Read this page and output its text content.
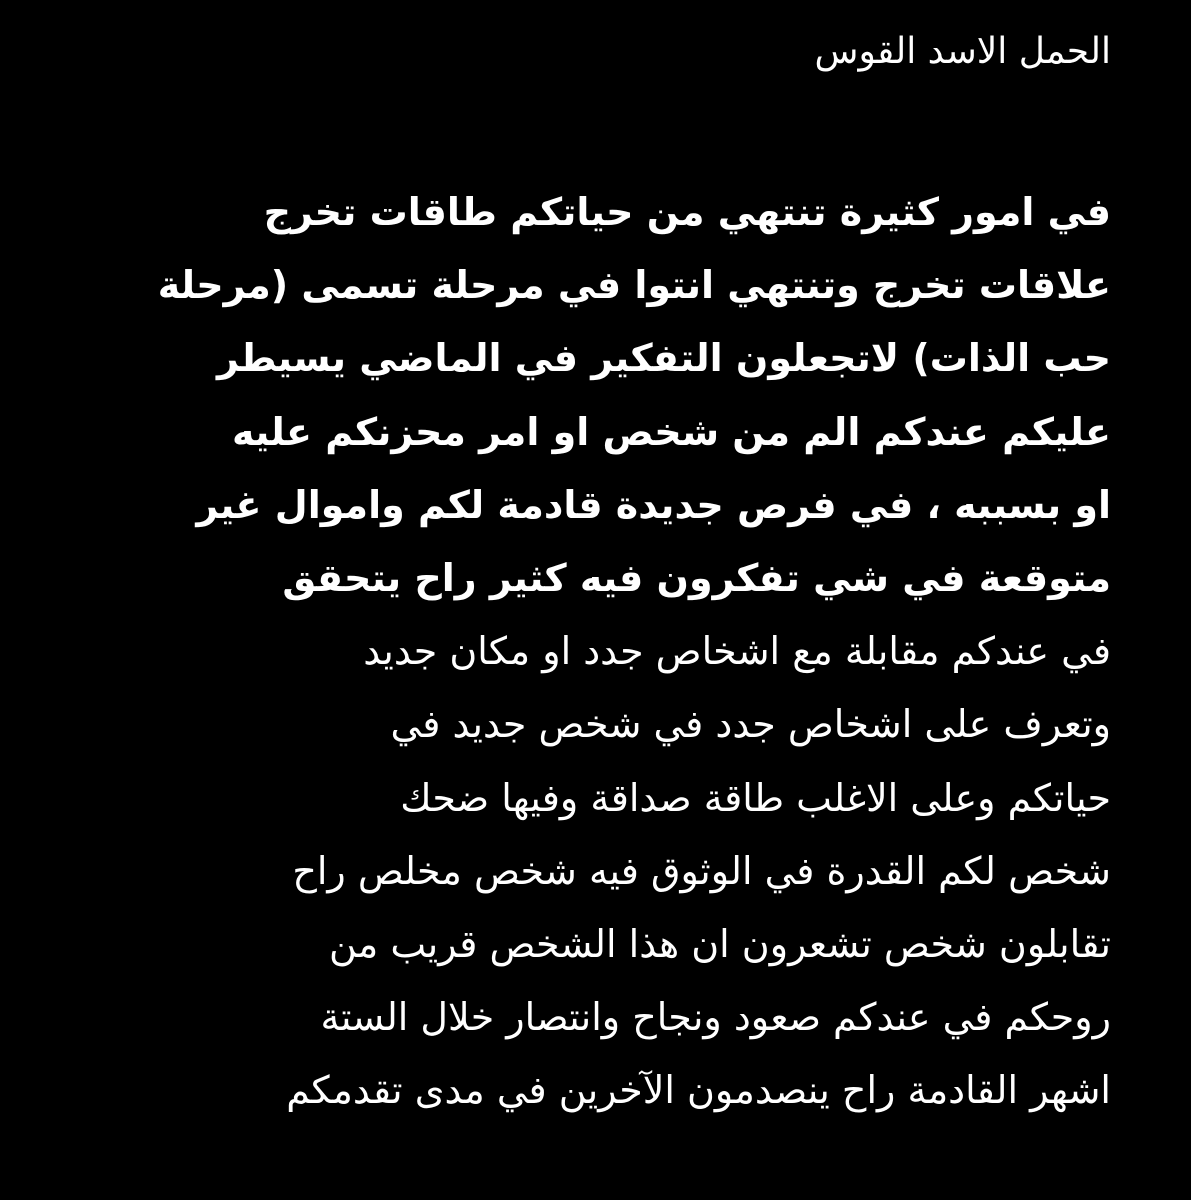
الحمل الاسد القوس
في امور كثيرة تنتهي من حياتكم طاقات تخرج
علاقات تخرج وتنتهي انتوا في مرحلة تسمى (مرحلة
حب الذات) لاتجعلون التفكير في الماضي يسيطر
عليكم عندكم الم من شخص او امر محزنكم عليه
او بسببه ، في فرص جديدة قادمة لكم واموال غير
متوقعة في شي تفكرون فيه كثير راح يتحقق
في عندكم مقابلة مع اشخاص جدد او مكان جديد
وتعرف على اشخاص جدد في شخص جديد في
حياتكم وعلى الاغلب طاقة صداقة وفيها ضحك
شخص لكم القدرة في الوثوق فيه شخص مخلص راح
تقابلون شخص تشعرون ان هذا الشخص قريب من
روحكم في عندكم صعود ونجاح وانتصار خلال الستة
اشهر القادمة راح ينصدمون الآخرين في مدى تقدمكم
